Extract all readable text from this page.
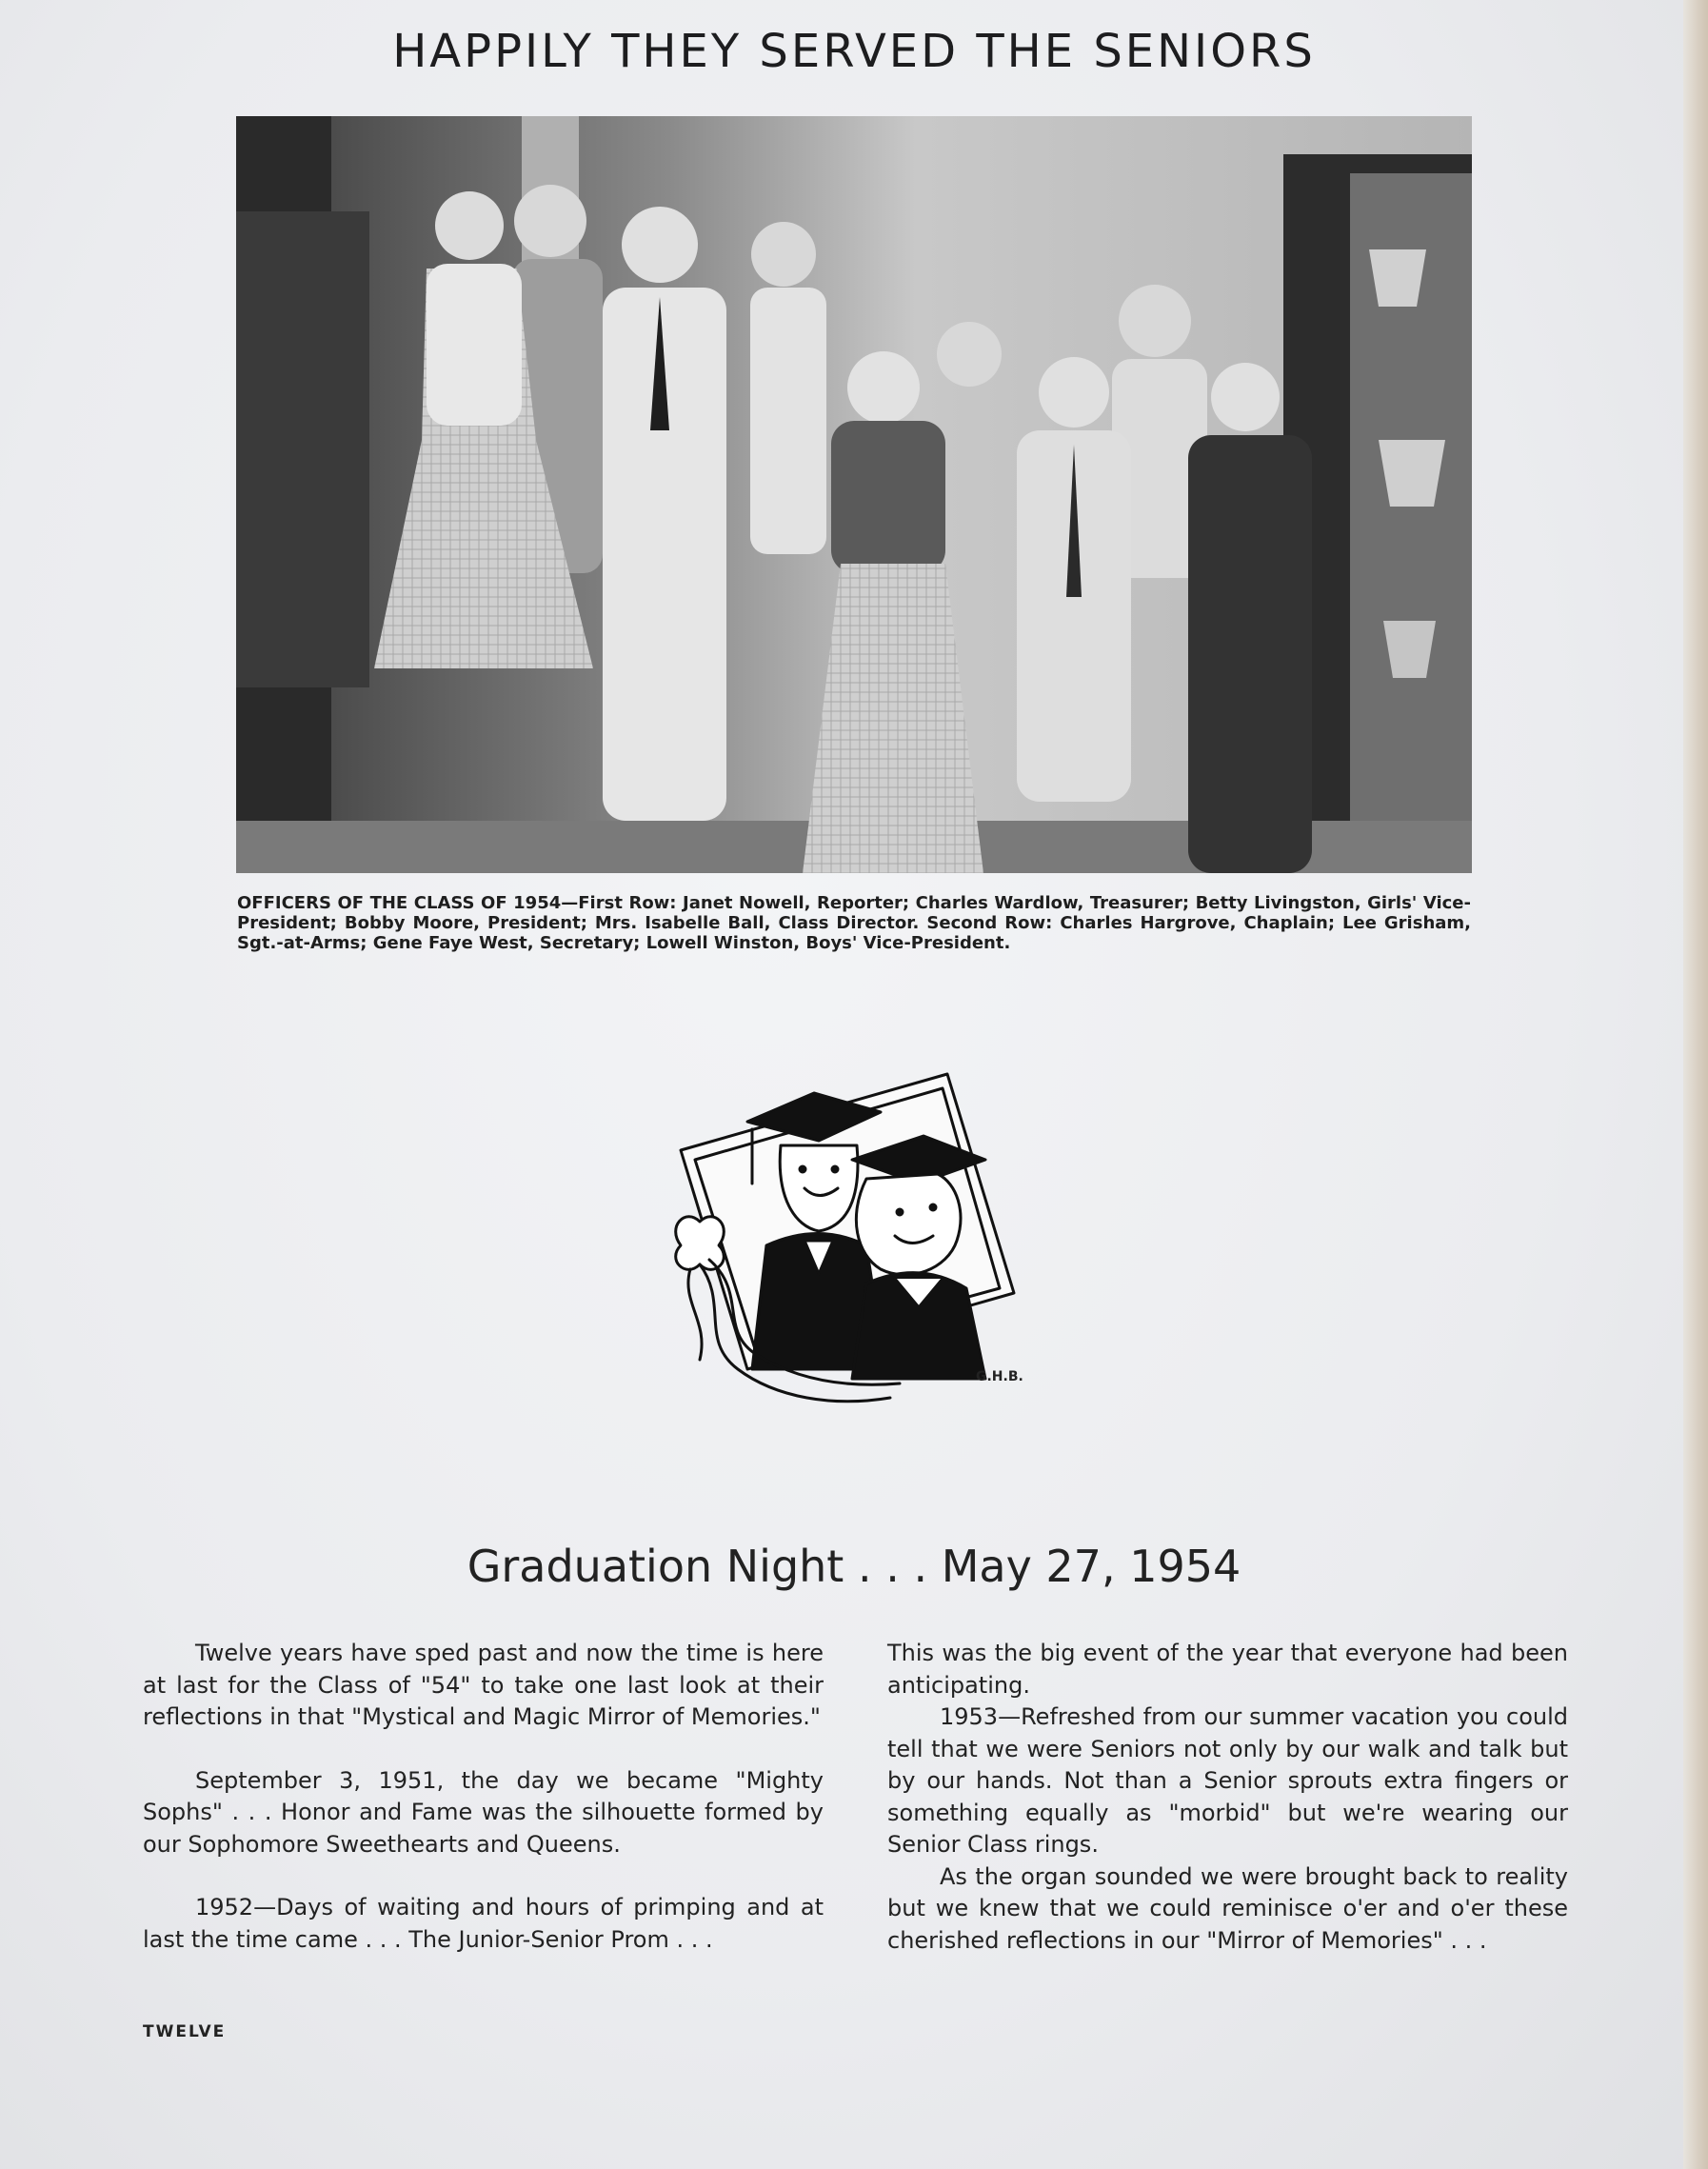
HAPPILY THEY SERVED THE SENIORS
OFFICERS OF THE CLASS OF 1954—First Row: Janet Nowell, Reporter; Charles Wardlow, Treasurer; Betty Livingston, Girls' Vice-President; Bobby Moore, President; Mrs. Isabelle Ball, Class Director. Second Row: Charles Hargrove, Chaplain; Lee Grisham, Sgt.-at-Arms; Gene Faye West, Secretary; Lowell Winston, Boys' Vice-President.
G.H.B.
Graduation Night . . . May 27, 1954

Twelve years have sped past and now the time is here at last for the Class of "54" to take one last look at their reflections in that "Mystical and Magic Mirror of Memories."

September 3, 1951, the day we became "Mighty Sophs" . . . Honor and Fame was the silhouette formed by our Sophomore Sweethearts and Queens.

1952—Days of waiting and hours of primping and at last the time came . . . The Junior-Senior Prom . . .

This was the big event of the year that everyone had been anticipating.

1953—Refreshed from our summer vacation you could tell that we were Seniors not only by our walk and talk but by our hands. Not than a Senior sprouts extra fingers or something equally as "morbid" but we're wearing our Senior Class rings.

As the organ sounded we were brought back to reality but we knew that we could reminisce o'er and o'er these cherished reflections in our "Mirror of Memories" . . .

TWELVE
